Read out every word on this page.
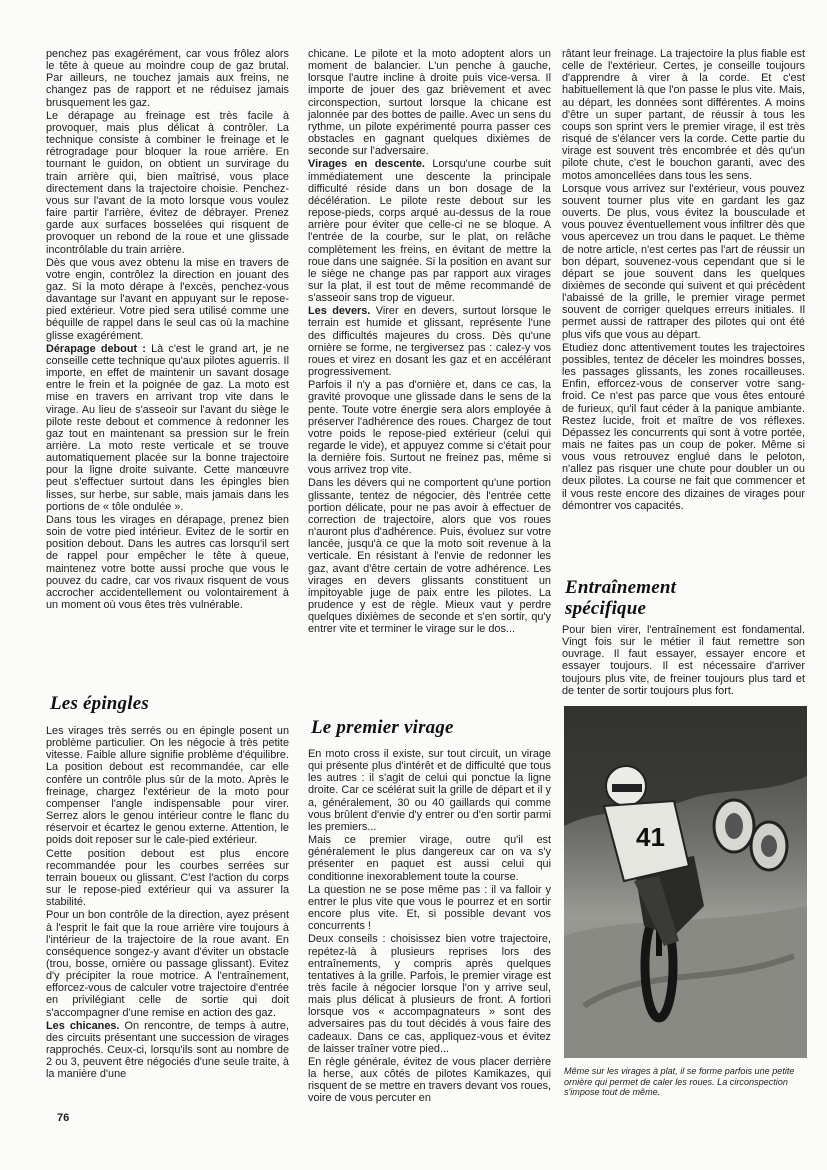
penchez pas exagérément, car vous frôlez alors le tête à queue au moindre coup de gaz brutal. Par ailleurs, ne touchez jamais aux freins, ne changez pas de rapport et ne réduisez jamais brusquement les gaz.

Le dérapage au freinage est très facile à provoquer, mais plus délicat à contrôler. La technique consiste à combiner le freinage et le rétrogradage pour bloquer la roue arrière. En tournant le guidon, on obtient un survirage du train arrière qui, bien maîtrisé, vous place directement dans la trajectoire choisie. Penchez-vous sur l'avant de la moto lorsque vous voulez faire partir l'arrière, évitez de débrayer. Prenez garde aux surfaces bosselées qui risquent de provoquer un rebond de la roue et une glissade incontrôlable du train arrière.

Dès que vous avez obtenu la mise en travers de votre engin, contrôlez la direction en jouant des gaz. Si la moto dérape à l'excès, penchez-vous davantage sur l'avant en appuyant sur le repose-pied extérieur. Votre pied sera utilisé comme une béquille de rappel dans le seul cas où la machine glisse exagérément.

Dérapage debout : Là c'est le grand art, je ne conseille cette technique qu'aux pilotes aguerris. Il importe, en effet de maintenir un savant dosage entre le frein et la poignée de gaz. La moto est mise en travers en arrivant trop vite dans le virage. Au lieu de s'asseoir sur l'avant du siège le pilote reste debout et commence à redonner les gaz tout en maintenant sa pression sur le frein arrière. La moto reste verticale et se trouve automatiquement placée sur la bonne trajectoire pour la ligne droite suivante. Cette manœuvre peut s'effectuer surtout dans les épingles bien lisses, sur herbe, sur sable, mais jamais dans les portions de « tôle ondulée ».

Dans tous les virages en dérapage, prenez bien soin de votre pied intérieur. Evitez de le sortir en position debout. Dans les autres cas lorsqu'il sert de rappel pour empêcher le tête à queue, maintenez votre botte aussi proche que vous le pouvez du cadre, car vos rivaux risquent de vous accrocher accidentellement ou volontairement à un moment où vous êtes très vulnérable.

Les épingles

Les virages très serrés ou en épingle posent un problème particulier. On les négocie à très petite vitesse. Faible allure signifie problème d'équilibre. La position debout est recommandée, car elle confère un contrôle plus sûr de la moto. Après le freinage, chargez l'extérieur de la moto pour compenser l'angle indispensable pour virer. Serrez alors le genou intérieur contre le flanc du réservoir et écartez le genou externe. Attention, le poids doit reposer sur le cale-pied extérieur.

Cette position debout est plus encore recommandée pour les courbes serrées sur terrain boueux ou glissant. C'est l'action du corps sur le repose-pied extérieur qui va assurer la stabilité.

Pour un bon contrôle de la direction, ayez présent à l'esprit le fait que la roue arrière vire toujours à l'intérieur de la trajectoire de la roue avant. En conséquence songez-y avant d'éviter un obstacle (trou, bosse, ornière ou passage glissant). Evitez d'y précipiter la roue motrice. A l'entraînement, efforcez-vous de calculer votre trajectoire d'entrée en privilégiant celle de sortie qui doit s'accompagner d'une remise en action des gaz.

Les chicanes. On rencontre, de temps à autre, des circuits présentant une succession de virages rapprochés. Ceux-ci, lorsqu'ils sont au nombre de 2 ou 3, peuvent être négociés d'une seule traite, à la manière d'une

chicane. Le pilote et la moto adoptent alors un moment de balancier. L'un penche à gauche, lorsque l'autre incline à droite puis vice-versa. Il importe de jouer des gaz brièvement et avec circonspection, surtout lorsque la chicane est jalonnée par des bottes de paille. Avec un sens du rythme, un pilote expérimenté pourra passer ces obstacles en gagnant quelques dixièmes de seconde sur l'adversaire.

Virages en descente. Lorsqu'une courbe suit immédiatement une descente la principale difficulté réside dans un bon dosage de la décélération. Le pilote reste debout sur les repose-pieds, corps arqué au-dessus de la roue arrière pour éviter que celle-ci ne se bloque. A l'entrée de la courbe, sur le plat, on relâche complètement les freins, en évitant de mettre la roue dans une saignée. Si la position en avant sur le siège ne change pas par rapport aux virages sur la plat, il est tout de même recommandé de s'asseoir sans trop de vigueur.

Les devers. Virer en devers, surtout lorsque le terrain est humide et glissant, représente l'une des difficultés majeures du cross. Dès qu'une ornière se forme, ne tergiversez pas : calez-y vos roues et virez en dosant les gaz et en accélérant progressivement.

Parfois il n'y a pas d'ornière et, dans ce cas, la gravité provoque une glissade dans le sens de la pente. Toute votre énergie sera alors employée à préserver l'adhérence des roues. Chargez de tout votre poids le repose-pied extérieur (celui qui regarde le vide), et appuyez comme si c'était pour la dernière fois. Surtout ne freinez pas, même si vous arrivez trop vite.

Dans les dévers qui ne comportent qu'une portion glissante, tentez de négocier, dès l'entrée cette portion délicate, pour ne pas avoir à effectuer de correction de trajectoire, alors que vos roues n'auront plus d'adhérence. Puis, évoluez sur votre lancée, jusqu'à ce que la moto soit revenue à la verticale. En résistant à l'envie de redonner les gaz, avant d'être certain de votre adhérence. Les virages en devers glissants constituent un impitoyable juge de paix entre les pilotes. La prudence y est de règle. Mieux vaut y perdre quelques dixièmes de seconde et s'en sortir, qu'y entrer vite et terminer le virage sur le dos...

Le premier virage

En moto cross il existe, sur tout circuit, un virage qui présente plus d'intérêt et de difficulté que tous les autres : il s'agit de celui qui ponctue la ligne droite. Car ce scélérat suit la grille de départ et il y a, généralement, 30 ou 40 gaillards qui comme vous brûlent d'envie d'y entrer ou d'en sortir parmi les premiers...

Mais ce premier virage, outre qu'il est généralement le plus dangereux car on va s'y présenter en paquet est aussi celui qui conditionne inexorablement toute la course.

La question ne se pose même pas : il va falloir y entrer le plus vite que vous le pourrez et en sortir encore plus vite. Et, si possible devant vos concurrents !

Deux conseils : choisissez bien votre trajectoire, repétez-là à plusieurs reprises lors des entraînements, y compris après quelques tentatives à la grille. Parfois, le premier virage est très facile à négocier lorsque l'on y arrive seul, mais plus délicat à plusieurs de front. A fortiori lorsque vos « accompagnateurs » sont des adversaires pas du tout décidés à vous faire des cadeaux. Dans ce cas, appliquez-vous et évitez de laisser traîner votre pied...

En règle générale, évitez de vous placer derrière la herse, aux côtés de pilotes Kamikazes, qui risquent de se mettre en travers devant vos roues, voire de vous percuter en

râtant leur freinage. La trajectoire la plus fiable est celle de l'extérieur. Certes, je conseille toujours d'apprendre à virer à la corde. Et c'est habituellement là que l'on passe le plus vite. Mais, au départ, les données sont différentes. A moins d'être un super partant, de réussir à tous les coups son sprint vers le premier virage, il est très risqué de s'élancer vers la corde. Cette partie du virage est souvent très encombrée et dès qu'un pilote chute, c'est le bouchon garanti, avec des motos amoncellées dans tous les sens.

Lorsque vous arrivez sur l'extérieur, vous pouvez souvent tourner plus vite en gardant les gaz ouverts. De plus, vous évitez la bousculade et vous pouvez éventuellement vous infiltrer dès que vous apercevez un trou dans le paquet. Le thème de notre article, n'est certes pas l'art de réussir un bon départ, souvenez-vous cependant que si le départ se joue souvent dans les quelques dixièmes de seconde qui suivent et qui précèdent l'abaissé de la grille, le premier virage permet souvent de corriger quelques erreurs initiales. Il permet aussi de rattraper des pilotes qui ont été plus vifs que vous au départ.

Etudiez donc attentivement toutes les trajectoires possibles, tentez de déceler les moindres bosses, les passages glissants, les zones rocailleuses. Enfin, efforcez-vous de conserver votre sang-froid. Ce n'est pas parce que vous êtes entouré de furieux, qu'il faut céder à la panique ambiante. Restez lucide, froit et maître de vos réflexes. Dépassez les concurrents qui sont à votre portée, mais ne faites pas un coup de poker. Même si vous vous retrouvez englué dans le peloton, n'allez pas risquer une chute pour doubler un ou deux pilotes. La course ne fait que commencer et il vous reste encore des dizaines de virages pour démontrer vos capacités.

Entraînement
spécifique

Pour bien virer, l'entraînement est fondamental. Vingt fois sur le métier il faut remettre son ouvrage. Il faut essayer, essayer encore et essayer toujours. Il est nécessaire d'arriver toujours plus vite, de freiner toujours plus tard et de tenter de sortir toujours plus fort.

41

Même sur les virages à plat, il se forme parfois une petite ornière qui permet de caler les roues. La circonspection s'impose tout de même.

76
